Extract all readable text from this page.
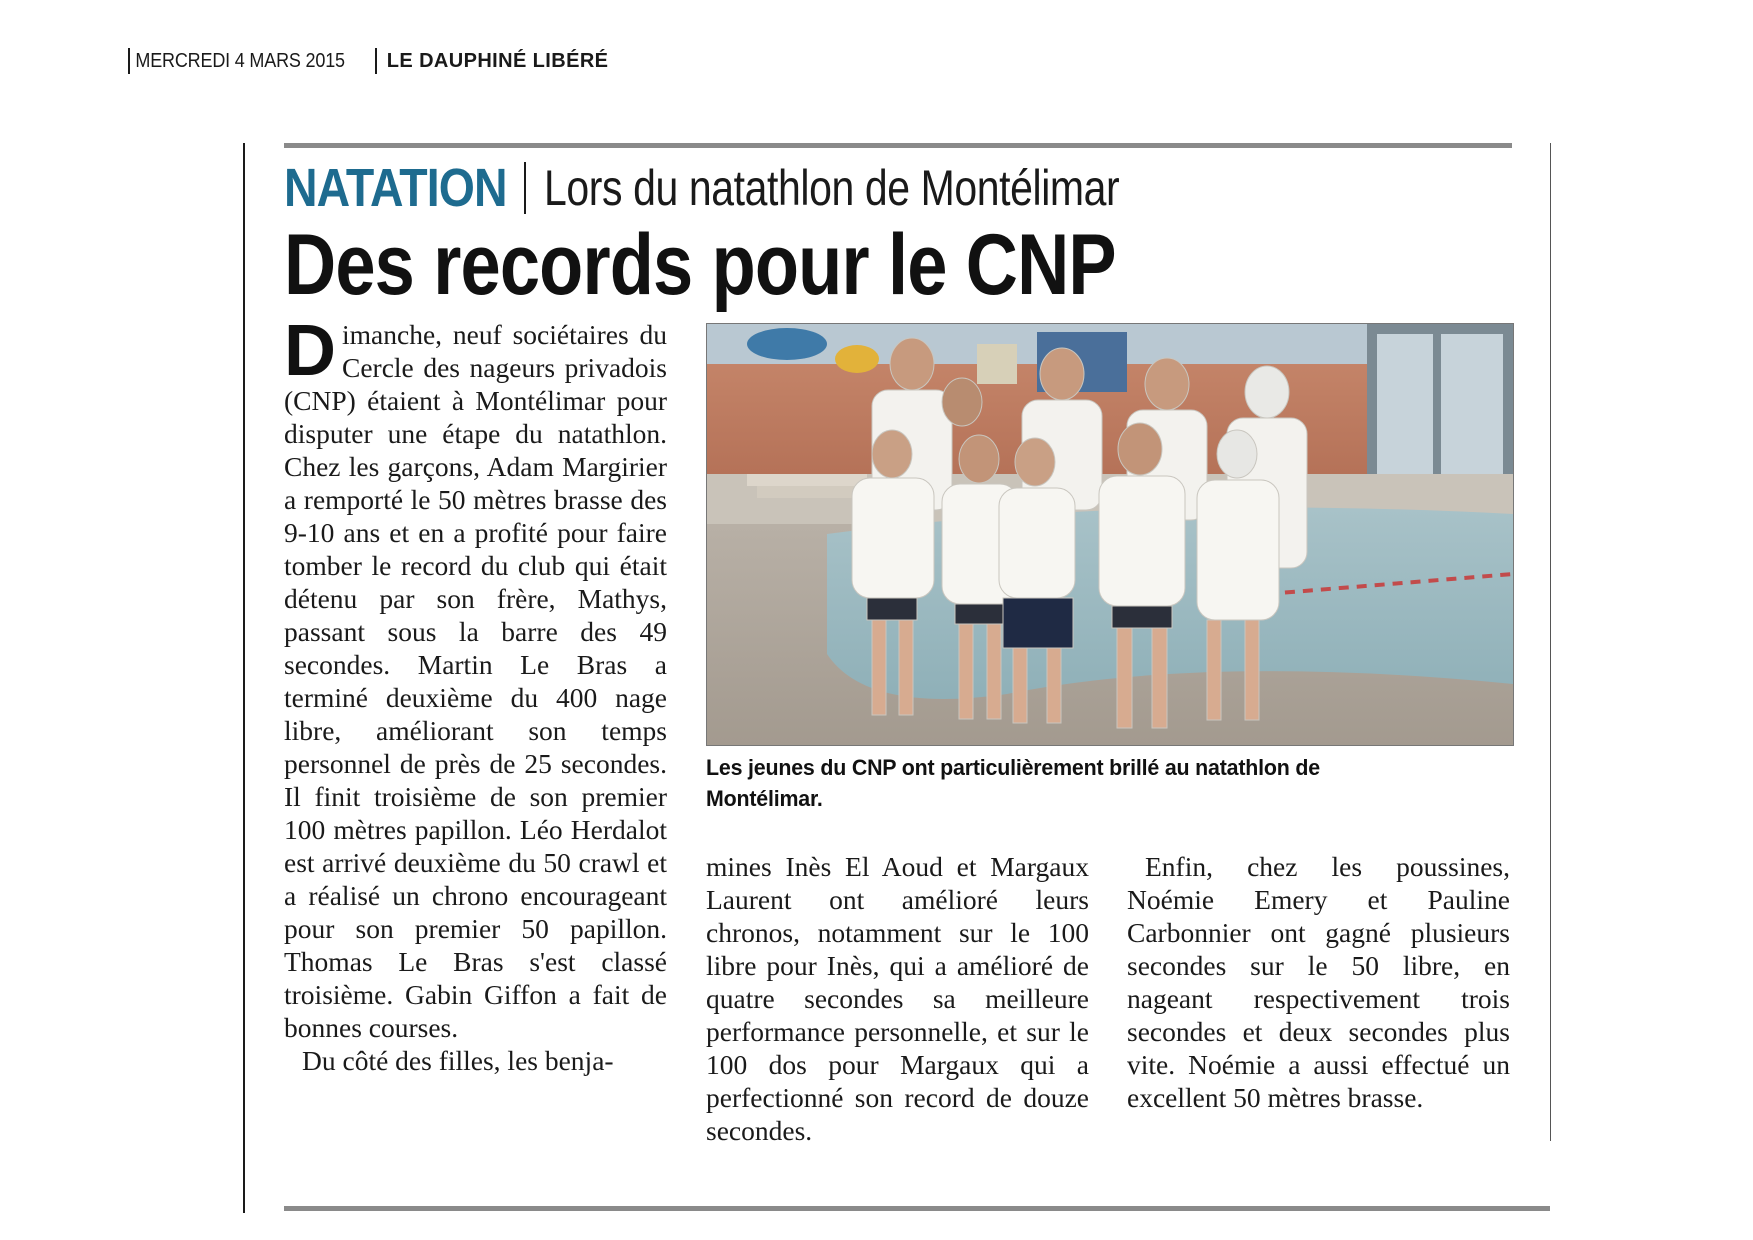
MERCREDI 4 MARS 2015	LE DAUPHINÉ LIBÉRÉ
NATATION Lors du natathlon de Montélimar
Des records pour le CNP

Dimanche, neuf sociétaires du Cercle des nageurs privadois (CNP) étaient à Montélimar pour disputer une étape du natathlon. Chez les garçons, Adam Margirier a remporté le 50 mètres brasse des 9-10 ans et en a profité pour faire tomber le record du club qui était détenu par son frère, Mathys, passant sous la barre des 49 secondes. Martin Le Bras a terminé deuxième du 400 nage libre, améliorant son temps personnel de près de 25 secondes. Il finit troisième de son premier 100 mètres papillon. Léo Herdalot est arrivé deuxième du 50 crawl et a réalisé un chrono encourageant pour son premier 50 papillon. Thomas Le Bras s'est classé troisième. Gabin Giffon a fait de bonnes courses.

Du côté des filles, les benja-

Les jeunes du CNP ont particulièrement brillé au natathlon de Montélimar.

mines Inès El Aoud et Margaux Laurent ont amélioré leurs chronos, notamment sur le 100 libre pour Inès, qui a amélioré de quatre secondes sa meilleure performance personnelle, et sur le 100 dos pour Margaux qui a perfectionné son record de douze secondes.

Enfin, chez les poussines, Noémie Emery et Pauline Carbonnier ont gagné plusieurs secondes sur le 50 libre, en nageant respectivement trois secondes et deux secondes plus vite. Noémie a aussi effectué un excellent 50 mètres brasse.
